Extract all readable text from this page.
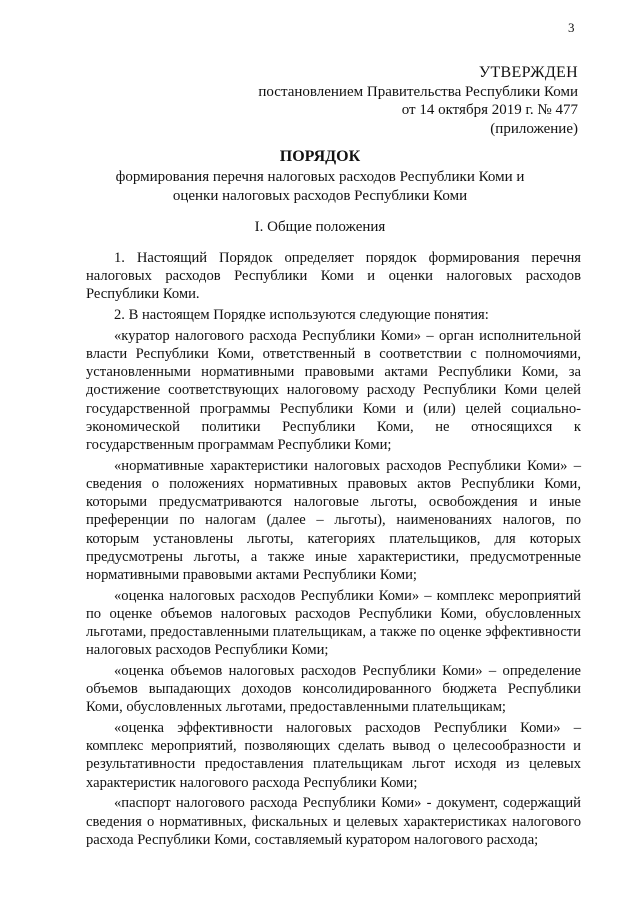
3
УТВЕРЖДЕН
постановлением Правительства Республики Коми
от 14 октября 2019 г. № 477
(приложение)
ПОРЯДОК
формирования перечня налоговых расходов Республики Коми и
оценки налоговых расходов Республики Коми
I. Общие положения

1. Настоящий Порядок определяет порядок формирования перечня налоговых расходов Республики Коми и оценки налоговых расходов Республики Коми.

2. В настоящем Порядке используются следующие понятия:

«куратор налогового расхода Республики Коми» – орган исполнительной власти Республики Коми, ответственный в соответствии с полномочиями, установленными нормативными правовыми актами Республики Коми, за достижение соответствующих налоговому расходу Республики Коми целей государственной программы Республики Коми и (или) целей социально-экономической политики Республики Коми, не относящихся к государственным программам Республики Коми;

«нормативные характеристики налоговых расходов Республики Коми» – сведения о положениях нормативных правовых актов Республики Коми, которыми предусматриваются налоговые льготы, освобождения и иные преференции по налогам (далее – льготы), наименованиях налогов, по которым установлены льготы, категориях плательщиков, для которых предусмотрены льготы, а также иные характеристики, предусмотренные нормативными правовыми актами Республики Коми;

«оценка налоговых расходов Республики Коми» – комплекс мероприятий по оценке объемов налоговых расходов Республики Коми, обусловленных льготами, предоставленными плательщикам, а также по оценке эффективности налоговых расходов Республики Коми;

«оценка объемов налоговых расходов Республики Коми» – определение объемов выпадающих доходов консолидированного бюджета Республики Коми, обусловленных льготами, предоставленными плательщикам;

«оценка эффективности налоговых расходов Республики Коми» – комплекс мероприятий, позволяющих сделать вывод о целесообразности и результативности предоставления плательщикам льгот исходя из целевых характеристик налогового расхода Республики Коми;

«паспорт налогового расхода Республики Коми» - документ, содержащий сведения о нормативных, фискальных и целевых характеристиках налогового расхода Республики Коми, составляемый куратором налогового расхода;
